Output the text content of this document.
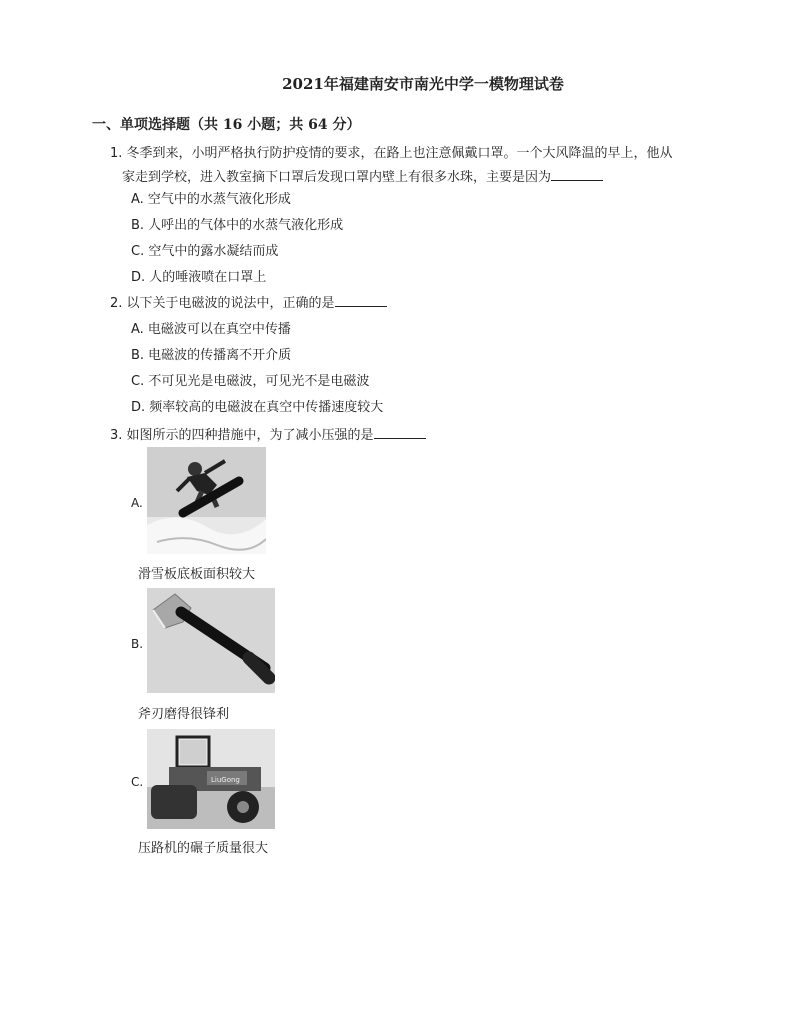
2021年福建南安市南光中学一模物理试卷
一、单项选择题（共 16 小题；共 64 分）
1. 冬季到来，小明严格执行防护疫情的要求，在路上也注意佩戴口罩。一个大风降温的早上，他从
家走到学校，进入教室摘下口罩后发现口罩内壁上有很多水珠，主要是因为
A. 空气中的水蒸气液化形成
B. 人呼出的气体中的水蒸气液化形成
C. 空气中的露水凝结而成
D. 人的唾液喷在口罩上
2. 以下关于电磁波的说法中，正确的是
A. 电磁波可以在真空中传播
B. 电磁波的传播离不开介质
C. 不可见光是电磁波，可见光不是电磁波
D. 频率较高的电磁波在真空中传播速度较大
3. 如图所示的四种措施中，为了减小压强的是
A.
滑雪板底板面积较大
B.
斧刃磨得很锋利
C.	LiuGong
压路机的碾子质量很大
